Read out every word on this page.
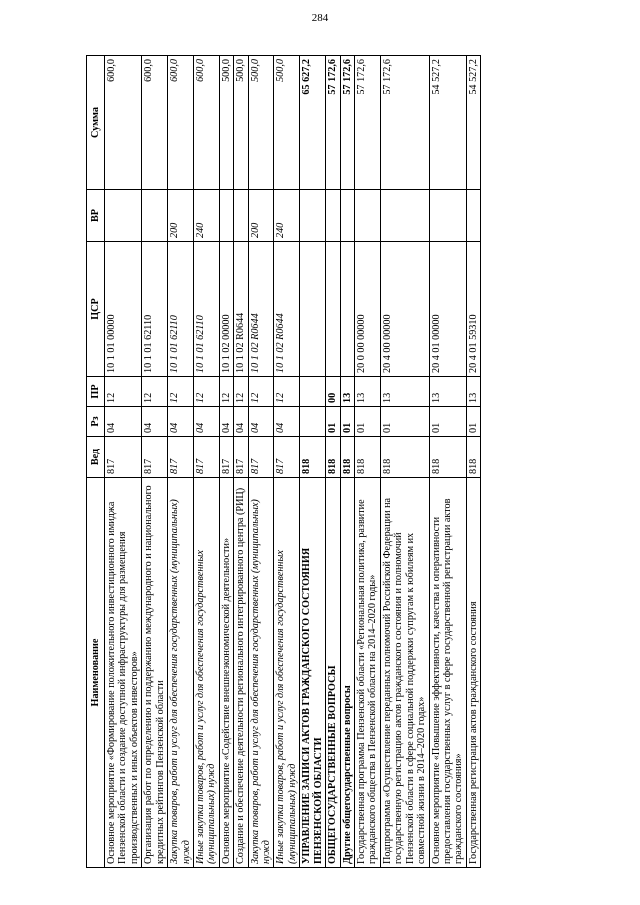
284
Наименование	Вед	Рз	ПР	ЦСР	ВР	Сумма
Основное мероприятие «Формирование положительного инвестиционного имиджа Пензенской области и создание доступной инфраструктуры для размещения производственных и иных объектов инвесторов»	817	04	12	10 1 01 00000		600,0
Организация работ по определению и поддержанию международного и национального кредитных рейтингов Пензенской области	817	04	12	10 1 01 62110		600,0
Закупка товаров, работ и услуг для обеспечения государственных (муниципальных) нужд	817	04	12	10 1 01 62110	200	600,0
Иные закупки товаров, работ и услуг для обеспечения государственных (муниципальных) нужд	817	04	12	10 1 01 62110	240	600,0
Основное мероприятие «Содействие внешнеэкономической деятельности»	817	04	12	10 1 02 00000		500,0
Создание и обеспечение деятельности регионального интегрированного центра (РИЦ)	817	04	12	10 1 02 R0644		500,0
Закупка товаров, работ и услуг для обеспечения государственных (муниципальных) нужд	817	04	12	10 1 02 R0644	200	500,0
Иные закупки товаров, работ и услуг для обеспечения государственных (муниципальных) нужд	817	04	12	10 1 02 R0644	240	500,0
УПРАВЛЕНИЕ ЗАПИСИ АКТОВ ГРАЖДАНСКОГО СОСТОЯНИЯ ПЕНЗЕНСКОЙ ОБЛАСТИ	818					65 627,2
ОБЩЕГОСУДАРСТВЕННЫЕ ВОПРОСЫ	818	01	00			57 172,6
Другие общегосударственные вопросы	818	01	13			57 172,6
Государственная программа Пензенской области «Региональная политика, развитие гражданского общества в Пензенской области на 2014–2020 годы»	818	01	13	20 0 00 00000		57 172,6
Подпрограмма «Осуществление переданных полномочий Российской Федерации на государственную регистрацию актов гражданского состояния и полномочий Пензенской области в сфере социальной поддержки супругам к юбилеям их совместной жизни в 2014–2020 годах»	818	01	13	20 4 00 00000		57 172,6
Основное мероприятие «Повышение эффективности, качества и оперативности предоставления государственных услуг в сфере государственной регистрации актов гражданского состояния»	818	01	13	20 4 01 00000		54 527,2
Государственная регистрация актов гражданского состояния	818	01	13	20 4 01 59310		54 527,2
